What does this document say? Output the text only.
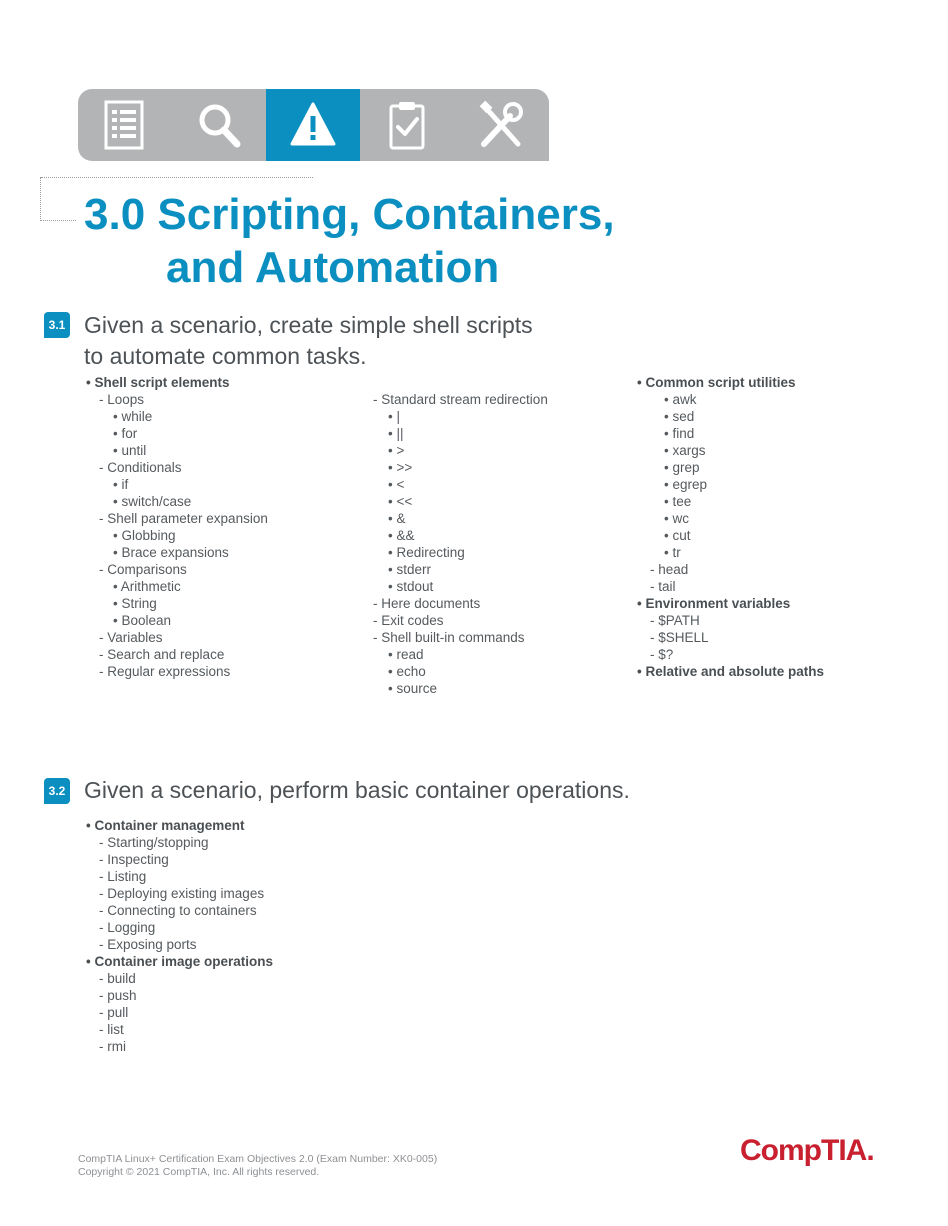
3.0 Scripting, Containers,
and Automation
3.1 Given a scenario, create simple shell scripts

to automate common tasks.

• Shell script elements
- Loops
• while
• for
• until
- Conditionals
• if
• switch/case
- Shell parameter expansion
• Globbing
• Brace expansions
- Comparisons
• Arithmetic
• String
• Boolean
- Variables
- Search and replace
- Regular expressions
- Standard stream redirection
• |
• ||
• >
• >>
• <
• <<
• &
• &&
• Redirecting
• stderr
• stdout
- Here documents
- Exit codes
- Shell built-in commands
• read
• echo
• source
• Common script utilities
• awk
• sed
• find
• xargs
• grep
• egrep
• tee
• wc
• cut
• tr
- head
- tail
• Environment variables
- $PATH
- $SHELL
- $?
• Relative and absolute paths
3.2 Given a scenario, perform basic container operations.

• Container management
- Starting/stopping
- Inspecting
- Listing
- Deploying existing images
- Connecting to containers
- Logging
- Exposing ports
• Container image operations
- build
- push
- pull
- list
- rmi
CompTIA Linux+ Certification Exam Objectives 2.0 (Exam Number: XK0-005)
Copyright © 2021 CompTIA, Inc. All rights reserved.
CompTIA.
